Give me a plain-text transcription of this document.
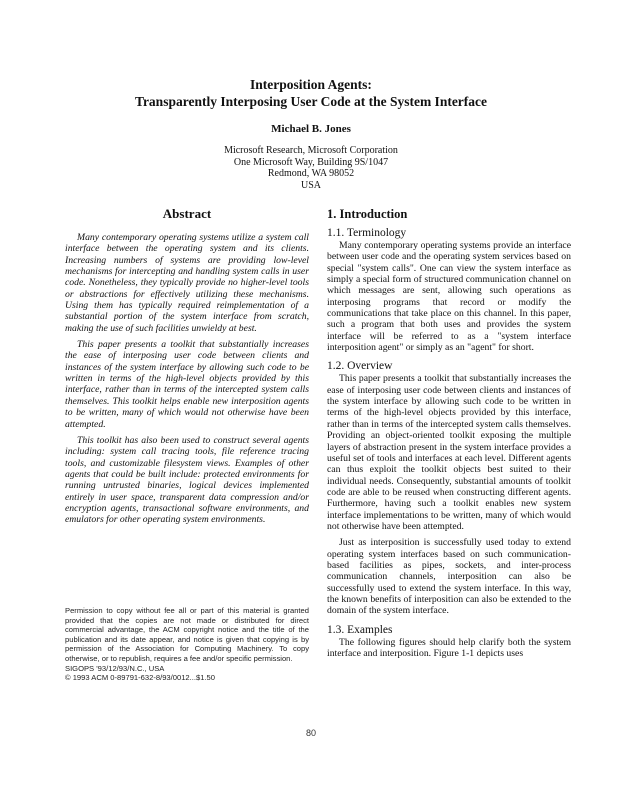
Interposition Agents:
Transparently Interposing User Code at the System Interface
Michael B. Jones
Microsoft Research, Microsoft Corporation
One Microsoft Way, Building 9S/1047
Redmond, WA 98052
USA
Abstract

Many contemporary operating systems utilize a system call interface between the operating system and its clients. Increasing numbers of systems are providing low-level mechanisms for intercepting and handling system calls in user code. Nonetheless, they typically provide no higher-level tools or abstractions for effectively utilizing these mechanisms. Using them has typically required reimplementation of a substantial portion of the system interface from scratch, making the use of such facilities unwieldy at best.

This paper presents a toolkit that substantially increases the ease of interposing user code between clients and instances of the system interface by allowing such code to be written in terms of the high-level objects provided by this interface, rather than in terms of the intercepted system calls themselves. This toolkit helps enable new interposition agents to be written, many of which would not otherwise have been attempted.

This toolkit has also been used to construct several agents including: system call tracing tools, file reference tracing tools, and customizable filesystem views. Examples of other agents that could be built include: protected environments for running untrusted binaries, logical devices implemented entirely in user space, transparent data compression and/or encryption agents, transactional software environments, and emulators for other operating system environments.

Permission to copy without fee all or part of this material is granted provided that the copies are not made or distributed for direct commercial advantage, the ACM copyright notice and the title of the publication and its date appear, and notice is given that copying is by permission of the Association for Computing Machinery. To copy otherwise, or to republish, requires a fee and/or specific permission.
SIGOPS '93/12/93/N.C., USA
© 1993 ACM 0-89791-632-8/93/0012...$1.50
1. Introduction
1.1. Terminology

Many contemporary operating systems provide an interface between user code and the operating system services based on special "system calls". One can view the system interface as simply a special form of structured communication channel on which messages are sent, allowing such operations as interposing programs that record or modify the communications that take place on this channel. In this paper, such a program that both uses and provides the system interface will be referred to as a "system interface interposition agent" or simply as an "agent" for short.

1.2. Overview

This paper presents a toolkit that substantially increases the ease of interposing user code between clients and instances of the system interface by allowing such code to be written in terms of the high-level objects provided by this interface, rather than in terms of the intercepted system calls themselves. Providing an object-oriented toolkit exposing the multiple layers of abstraction present in the system interface provides a useful set of tools and interfaces at each level. Different agents can thus exploit the toolkit objects best suited to their individual needs. Consequently, substantial amounts of toolkit code are able to be reused when constructing different agents. Furthermore, having such a toolkit enables new system interface implementations to be written, many of which would not otherwise have been attempted.

Just as interposition is successfully used today to extend operating system interfaces based on such communication-based facilities as pipes, sockets, and inter-process communication channels, interposition can also be successfully used to extend the system interface. In this way, the known benefits of interposition can also be extended to the domain of the system interface.

1.3. Examples

The following figures should help clarify both the system interface and interposition. Figure 1-1 depicts uses

80
